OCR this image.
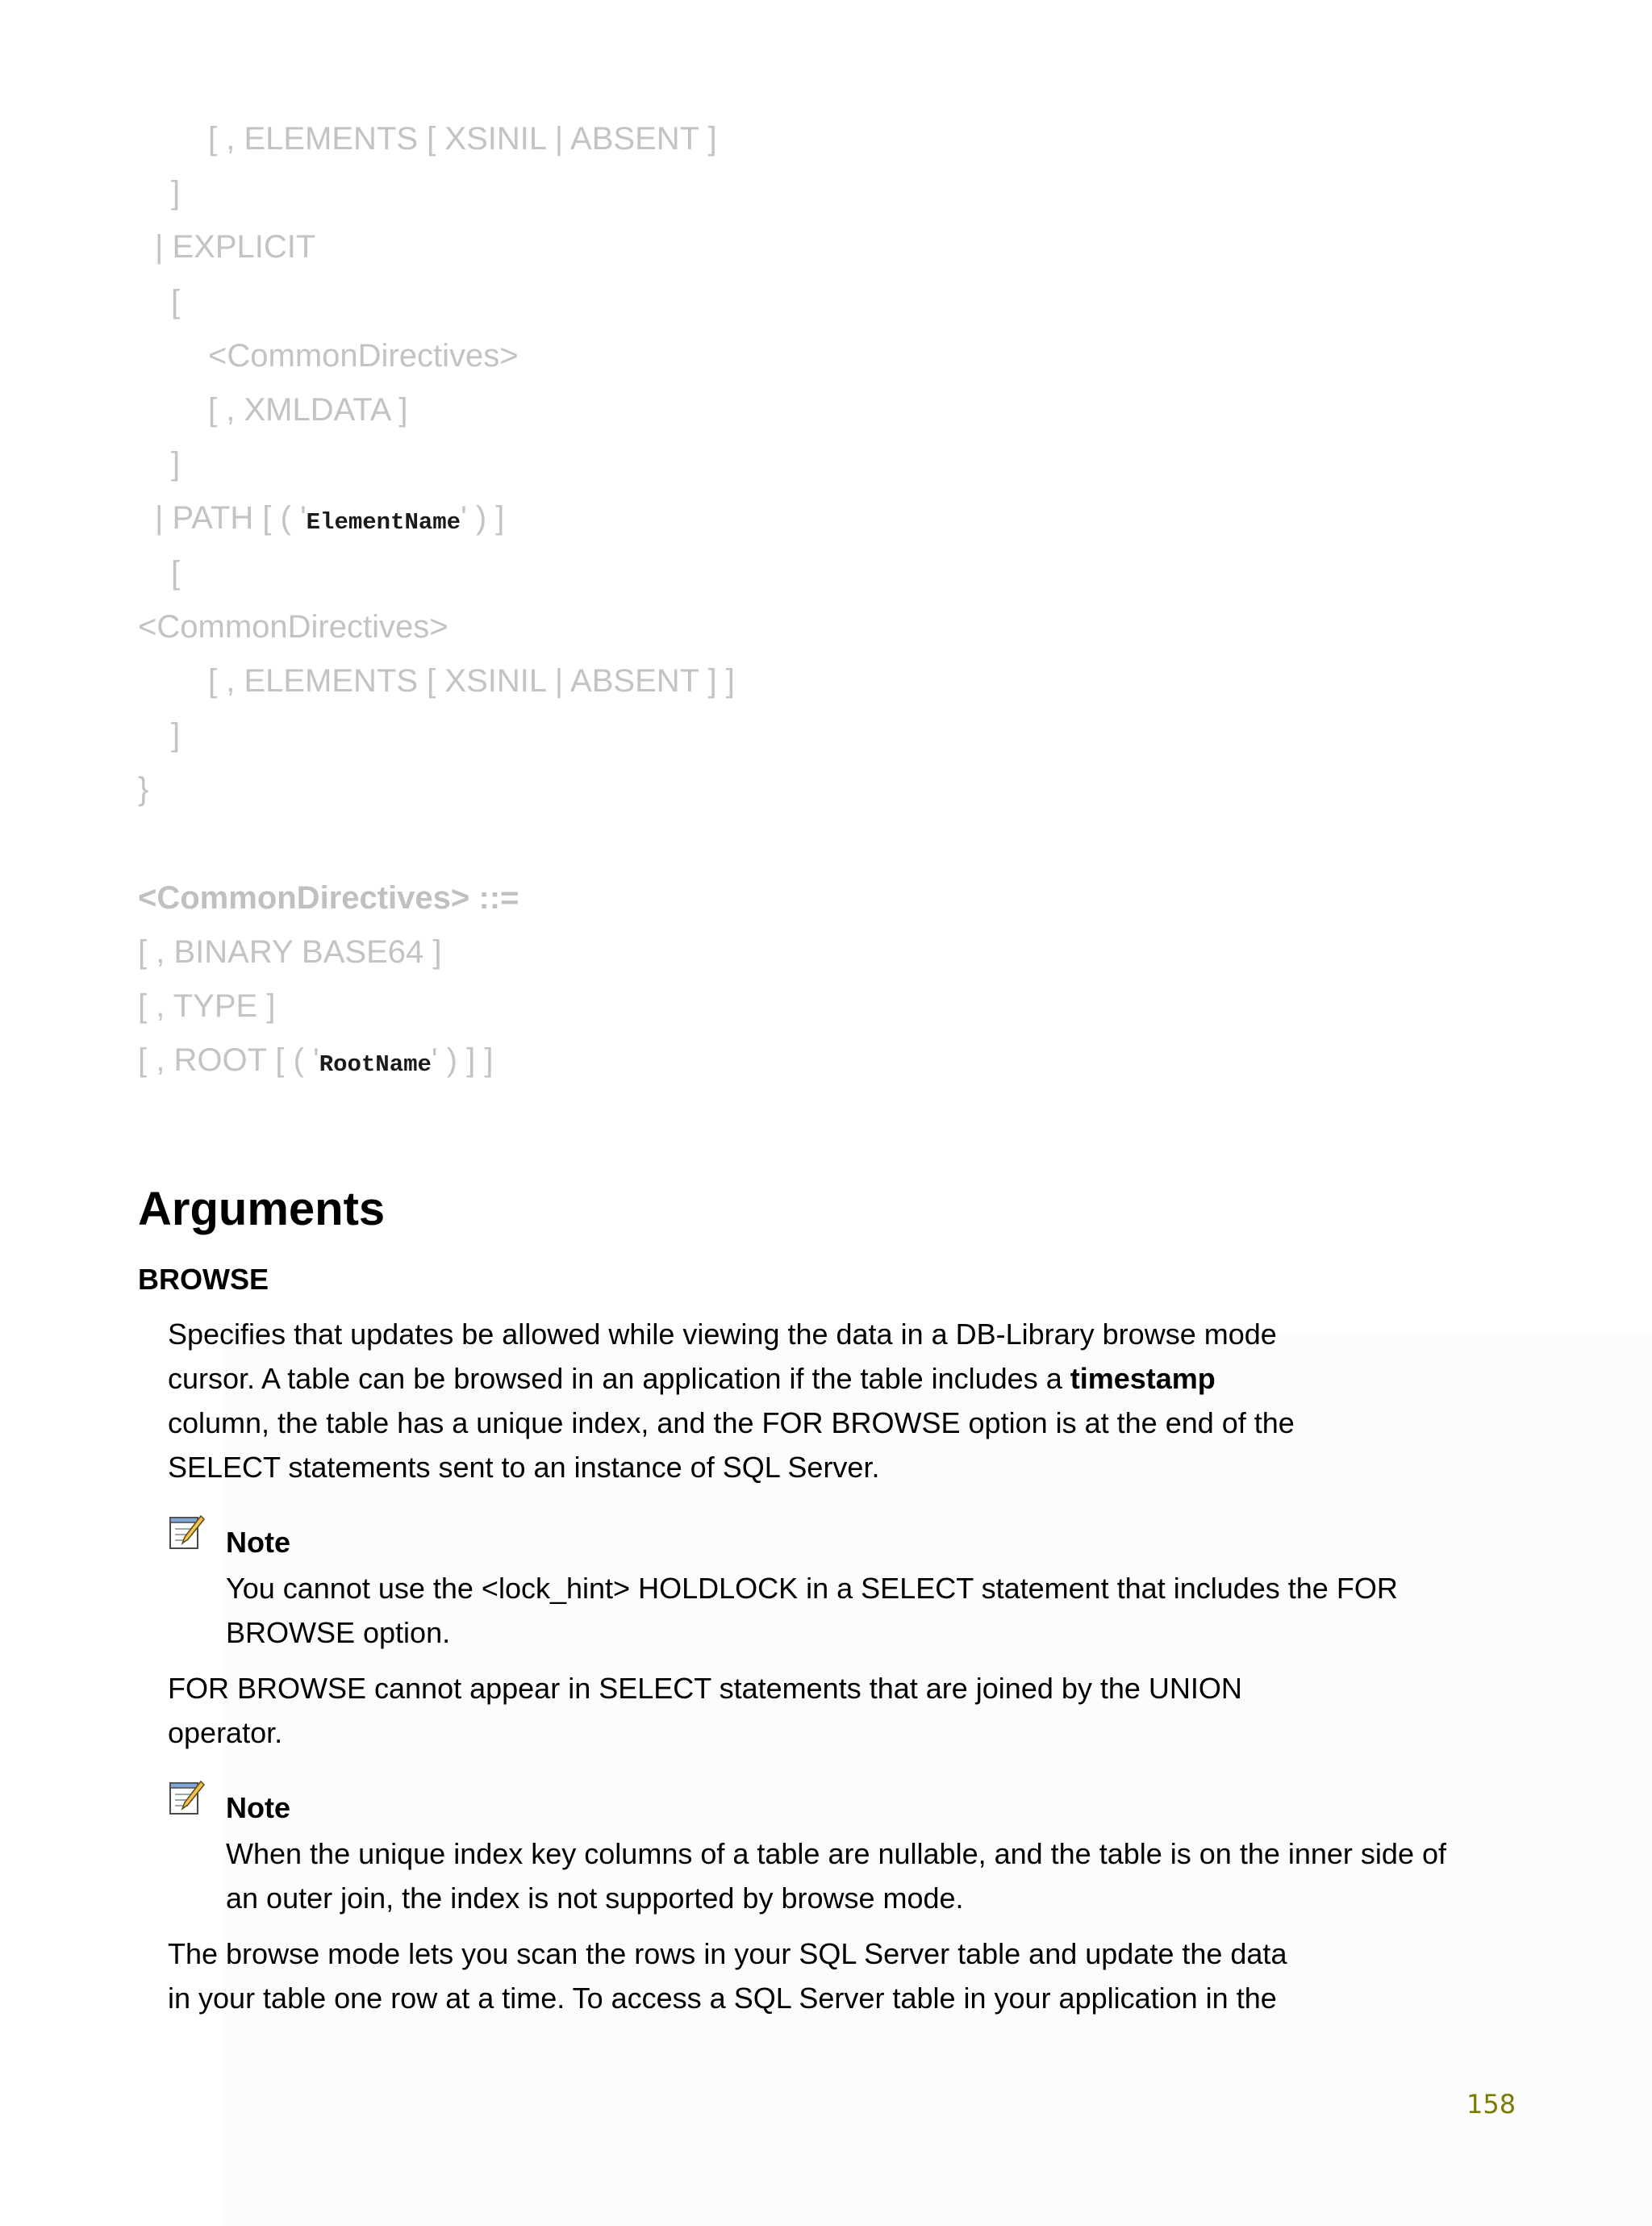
[ , ELEMENTS [ XSINIL | ABSENT ]
]
| EXPLICIT
[
<CommonDirectives>
[ , XMLDATA ]
]
| PATH [ ( 'ElementName' ) ]
[
<CommonDirectives>
[ , ELEMENTS [ XSINIL | ABSENT ] ]
]
}
<CommonDirectives> ::=
[ , BINARY BASE64 ]
[ , TYPE ]
[ , ROOT [ ( 'RootName' ) ] ]
Arguments
BROWSE

Specifies that updates be allowed while viewing the data in a DB-Library browse mode cursor. A table can be browsed in an application if the table includes a timestamp column, the table has a unique index, and the FOR BROWSE option is at the end of the SELECT statements sent to an instance of SQL Server.

Note

You cannot use the <lock_hint> HOLDLOCK in a SELECT statement that includes the FOR BROWSE option.

FOR BROWSE cannot appear in SELECT statements that are joined by the UNION operator.

Note

When the unique index key columns of a table are nullable, and the table is on the inner side of an outer join, the index is not supported by browse mode.

The browse mode lets you scan the rows in your SQL Server table and update the data in your table one row at a time. To access a SQL Server table in your application in the

158
